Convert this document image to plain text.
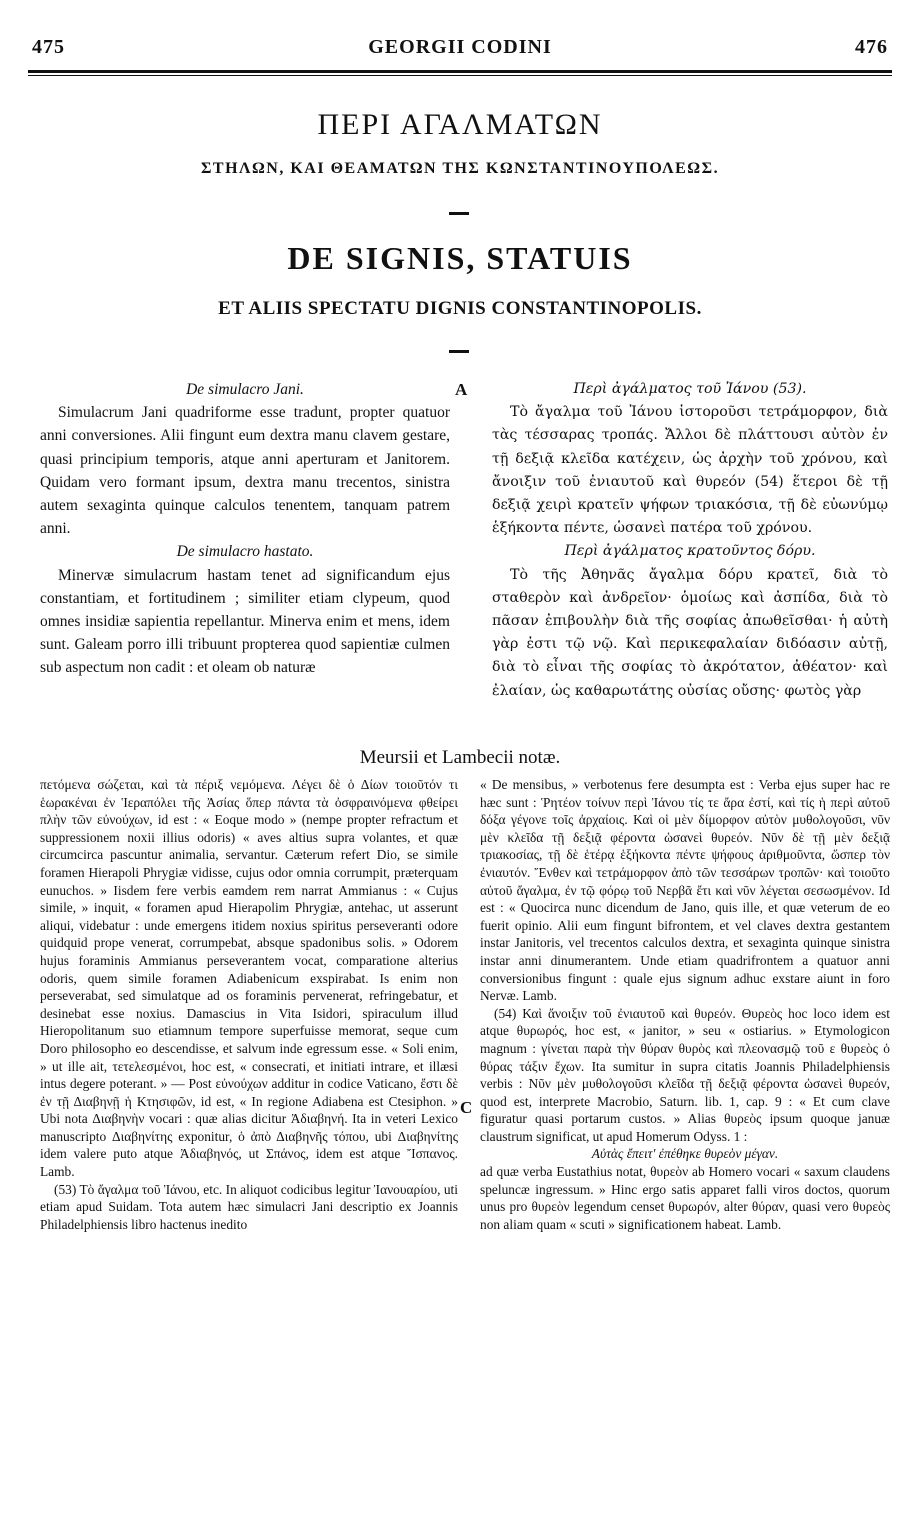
475	GEORGII CODINI	476
ΠΕΡΙ ΑΓΑΛΜΑΤΩΝ
ΣΤΗΛΩΝ, ΚΑΙ ΘΕΑΜΑΤΩΝ ΤΗΣ ΚΩΝΣΤΑΝΤΙΝΟΥΠΟΛΕΩΣ.
DE SIGNIS, STATUIS
ET ALIIS SPECTATU DIGNIS CONSTANTINOPOLIS.

De simulacro Jani.

Simulacrum Jani quadriforme esse tradunt, propter quatuor anni conversiones. Alii fingunt eum dextra manu clavem gestare, quasi principium temporis, atque anni aperturam et Janitorem. Quidam vero formant ipsum, dextra manu trecentos, sinistra autem sexaginta quinque calculos tenentem, tanquam patrem anni.

De simulacro hastato.

Minervæ simulacrum hastam tenet ad significandum ejus constantiam, et fortitudinem ; similiter etiam clypeum, quod omnes insidiæ sapientia repellantur. Minerva enim et mens, idem sunt. Galeam porro illi tribuunt propterea quod sapientiæ culmen sub aspectum non cadit : et oleam ob naturæ

A	Περὶ ἀγάλματος τοῦ Ἰάνου (53).

Τὸ ἄγαλμα τοῦ Ἰάνου ἱστοροῦσι τετράμορφον, διὰ τὰς τέσσαρας τροπάς. Ἄλλοι δὲ πλάττουσι αὐτὸν ἐν τῇ δεξιᾷ κλεῖδα κατέχειν, ὡς ἀρχὴν τοῦ χρόνου, καὶ ἄνοιξιν τοῦ ἐνιαυτοῦ καὶ θυρεόν (54) ἕτεροι δὲ τῇ δεξιᾷ χειρὶ κρατεῖν ψήφων τριακόσια, τῇ δὲ εὐωνύμῳ ἑξήκοντα πέντε, ὡσανεὶ πατέρα τοῦ χρόνου.

Περὶ ἀγάλματος κρατοῦντος δόρυ.

Τὸ τῆς Ἀθηνᾶς ἄγαλμα δόρυ κρατεῖ, διὰ τὸ σταθερὸν καὶ ἀνδρεῖον· ὁμοίως καὶ ἀσπίδα, διὰ τὸ πᾶσαν ἐπιβουλὴν διὰ τῆς σοφίας ἀπωθεῖσθαι· ἡ αὐτὴ γὰρ ἐστι τῷ νῷ. Καὶ περικεφαλαίαν διδόασιν αὐτῇ, διὰ τὸ εἶναι τῆς σοφίας τὸ ἀκρότατον, ἀθέατον· καὶ ἐλαίαν, ὡς καθαρωτάτης οὐσίας οὔσης· φωτὸς γὰρ

Meursii et Lambecii notæ.

πετόμενα σώζεται, καὶ τὰ πέριξ νεμόμενα. Λέγει δὲ ὁ Δίων τοιοῦτόν τι ἑωρακέναι ἐν Ἱεραπόλει τῆς Ἀσίας ὅπερ πάντα τὰ ὀσφραινόμενα φθείρει πλὴν τῶν εὐνούχων, id est : « Eoque modo » (nempe propter refractum et suppressionem noxii illius odoris) « aves altius supra volantes, et quæ circumcirca pascuntur animalia, servantur. Cæterum refert Dio, se simile foramen Hierapoli Phrygiæ vidisse, cujus odor omnia corrumpit, præterquam eunuchos. » Iisdem fere verbis eamdem rem narrat Ammianus : « Cujus simile, » inquit, « foramen apud Hierapolim Phrygiæ, antehac, ut asserunt aliqui, videbatur : unde emergens itidem noxius spiritus perseveranti odore quidquid prope venerat, corrumpebat, absque spadonibus solis. » Odorem hujus foraminis Ammianus perseverantem vocat, comparatione alterius odoris, quem simile foramen Adiabenicum exspirabat. Is enim non perseverabat, sed simulatque ad os foraminis pervenerat, refringebatur, et desinebat esse noxius. Damascius in Vita Isidori, spiraculum illud Hieropolitanum suo etiamnum tempore superfuisse memorat, seque cum Doro philosopho eo descendisse, et salvum inde egressum esse. « Soli enim, » ut ille ait, τετελεσμένοι, hoc est, « consecrati, et initiati intrare, et illæsi intus degere poterant. » — Post εὐνούχων additur in codice Vaticano, ἔστι δὲ ἐν τῇ Διαβηνῇ ἡ Κτησιφῶν, id est, « In regione Adiabena est Ctesiphon. » Ubi nota Διαβηνὴν vocari : quæ alias dicitur Ἀδιαβηνή. Ita in veteri Lexico manuscripto Διαβηνίτης exponitur, ὁ ἀπὸ Διαβηνῆς τόπου, ubi Διαβηνίτης idem valere puto atque Ἀδιαβηνός, ut Σπάνος, idem est atque Ἴσπανος. Lamb.

(53) Τὸ ἄγαλμα τοῦ Ἰάνου, etc. In aliquot codicibus legitur Ἰανουαρίου, uti etiam apud Suidam. Tota autem hæc simulacri Jani descriptio ex Joannis Philadelphiensis libro hactenus inedito

C

« De mensibus, » verbotenus fere desumpta est : Verba ejus super hac re hæc sunt : Ῥητέον τοίνυν περὶ Ἰάνου τίς τε ἄρα ἐστί, καὶ τίς ἡ περὶ αὐτοῦ δόξα γέγονε τοῖς ἀρχαίοις. Καὶ οἱ μὲν δίμορφον αὐτὸν μυθολογοῦσι, νῦν μὲν κλεῖδα τῇ δεξιᾷ φέροντα ὡσανεὶ θυρεόν. Νῦν δὲ τῇ μὲν δεξιᾷ τριακοσίας, τῇ δὲ ἑτέρᾳ ἑξήκοντα πέντε ψήφους ἀριθμοῦντα, ὥσπερ τὸν ἐνιαυτόν. Ἔνθεν καὶ τετράμορφον ἀπὸ τῶν τεσσάρων τροπῶν· καὶ τοιοῦτο αὐτοῦ ἄγαλμα, ἐν τῷ φόρῳ τοῦ Νερβᾶ ἔτι καὶ νῦν λέγεται σεσωσμένον. Id est : « Quocirca nunc dicendum de Jano, quis ille, et quæ veterum de eo fuerit opinio. Alii eum fingunt bifrontem, et vel claves dextra gestantem instar Janitoris, vel trecentos calculos dextra, et sexaginta quinque sinistra instar anni dinumerantem. Unde etiam quadrifrontem a quatuor anni conversionibus fingunt : quale ejus signum adhuc exstare aiunt in foro Nervæ. Lamb.

(54) Καὶ ἄνοιξιν τοῦ ἐνιαυτοῦ καὶ θυρεόν. Θυρεὸς hoc loco idem est atque θυρωρός, hoc est, « janitor, » seu « ostiarius. » Etymologicon magnum : γίνεται παρὰ τὴν θύραν θυρὸς καὶ πλεονασμῷ τοῦ ε θυρεὸς ὁ θύρας τάξιν ἔχων. Ita sumitur in supra citatis Joannis Philadelphiensis verbis : Νῦν μὲν μυθολογοῦσι κλεῖδα τῇ δεξιᾷ φέροντα ὡσανεὶ θυρεόν, quod est, interprete Macrobio, Saturn. lib. 1, cap. 9 : « Et cum clave figuratur quasi portarum custos. » Alias θυρεὸς ipsum quoque januæ claustrum significat, ut apud Homerum Odyss. 1 :

Αὐτὰς ἔπειτ' ἐπέθηκε θυρεὸν μέγαν.

ad quæ verba Eustathius notat, θυρεὸν ab Homero vocari « saxum claudens speluncæ ingressum. » Hinc ergo satis apparet falli viros doctos, quorum unus pro θυρεὸν legendum censet θυρωρόν, alter θύραν, quasi vero θυρεὸς non aliam quam « scuti » significationem habeat. Lamb.
